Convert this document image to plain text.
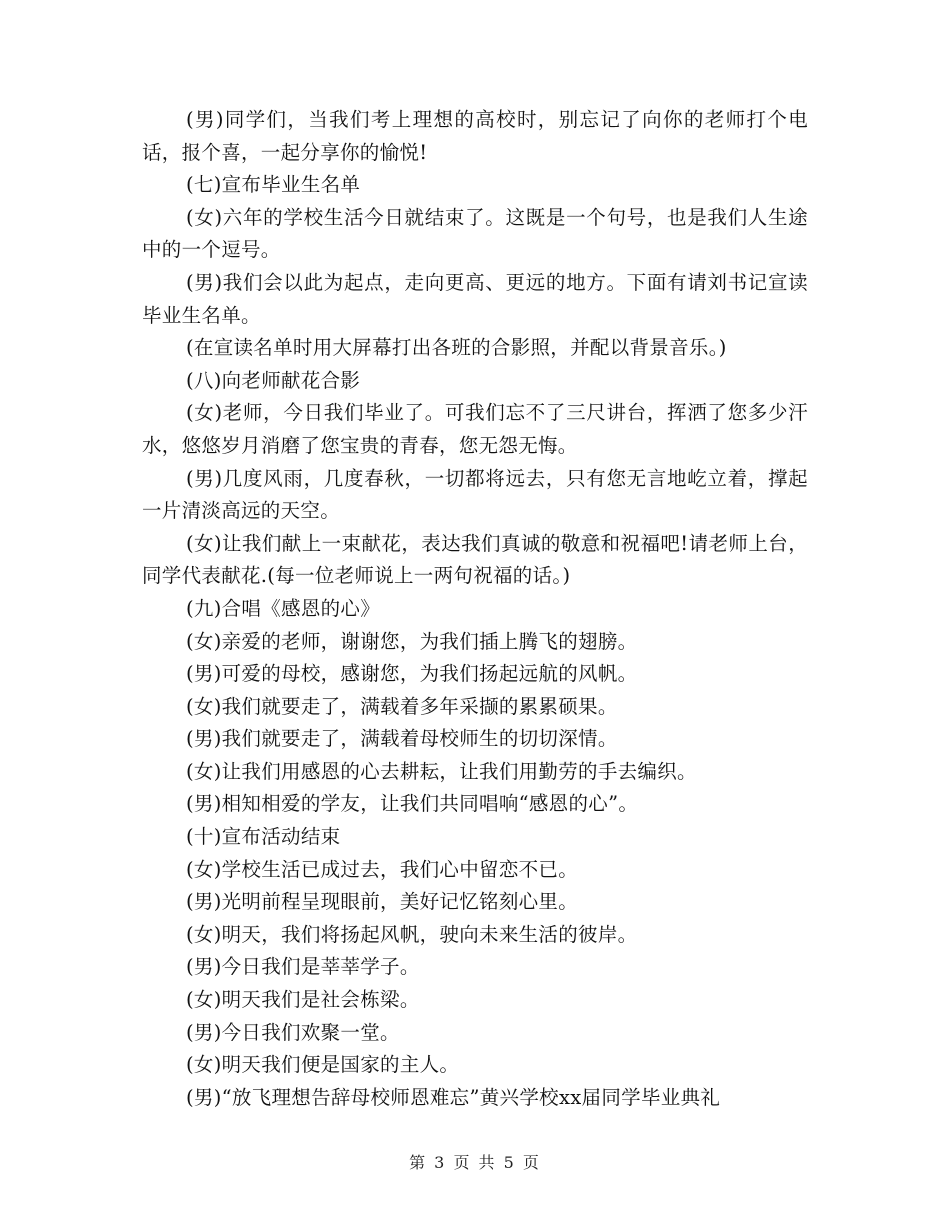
(男)同学们，当我们考上理想的高校时，别忘记了向你的老师打个电话，报个喜，一起分享你的愉悦!

(七)宣布毕业生名单

(女)六年的学校生活今日就结束了。这既是一个句号，也是我们人生途中的一个逗号。

(男)我们会以此为起点，走向更高、更远的地方。下面有请刘书记宣读毕业生名单。

(在宣读名单时用大屏幕打出各班的合影照，并配以背景音乐。)

(八)向老师献花合影

(女)老师，今日我们毕业了。可我们忘不了三尺讲台，挥洒了您多少汗水，悠悠岁月消磨了您宝贵的青春，您无怨无悔。

(男)几度风雨，几度春秋，一切都将远去，只有您无言地屹立着，撑起一片清淡高远的天空。

(女)让我们献上一束献花，表达我们真诚的敬意和祝福吧!请老师上台，同学代表献花.(每一位老师说上一两句祝福的话。)

(九)合唱《感恩的心》

(女)亲爱的老师，谢谢您，为我们插上腾飞的翅膀。

(男)可爱的母校，感谢您，为我们扬起远航的风帆。

(女)我们就要走了，满载着多年采撷的累累硕果。

(男)我们就要走了，满载着母校师生的切切深情。

(女)让我们用感恩的心去耕耘，让我们用勤劳的手去编织。

(男)相知相爱的学友，让我们共同唱响“感恩的心”。

(十)宣布活动结束

(女)学校生活已成过去，我们心中留恋不已。

(男)光明前程呈现眼前，美好记忆铭刻心里。

(女)明天，我们将扬起风帆，驶向未来生活的彼岸。

(男)今日我们是莘莘学子。

(女)明天我们是社会栋梁。

(男)今日我们欢聚一堂。

(女)明天我们便是国家的主人。

(男)“放飞理想告辞母校师恩难忘”黄兴学校xx届同学毕业典礼

第 3 页 共 5 页
